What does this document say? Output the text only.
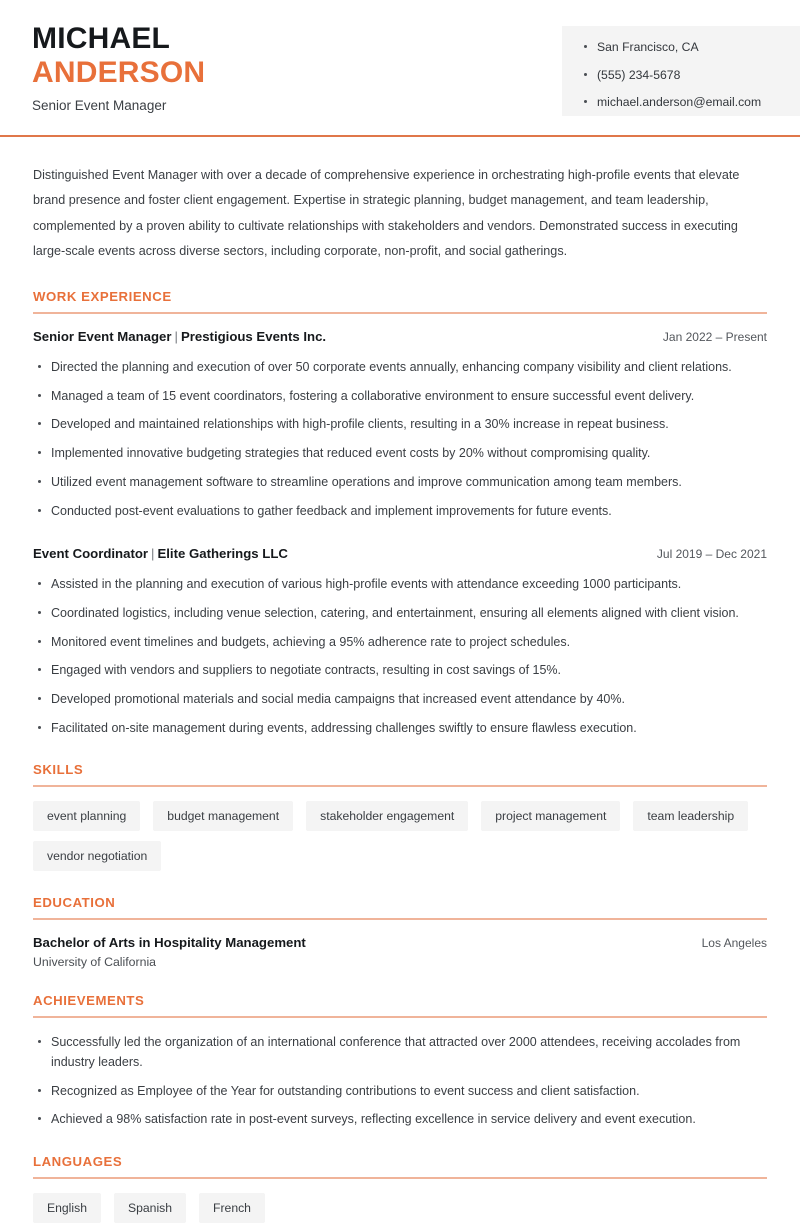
MICHAEL
ANDERSON
Senior Event Manager
San Francisco, CA
(555) 234-5678
michael.anderson@email.com
Distinguished Event Manager with over a decade of comprehensive experience in orchestrating high-profile events that elevate brand presence and foster client engagement. Expertise in strategic planning, budget management, and team leadership, complemented by a proven ability to cultivate relationships with stakeholders and vendors. Demonstrated success in executing large-scale events across diverse sectors, including corporate, non-profit, and social gatherings.
WORK EXPERIENCE
Senior Event Manager | Prestigious Events Inc.	Jan 2022 – Present
Directed the planning and execution of over 50 corporate events annually, enhancing company visibility and client relations.
Managed a team of 15 event coordinators, fostering a collaborative environment to ensure successful event delivery.
Developed and maintained relationships with high-profile clients, resulting in a 30% increase in repeat business.
Implemented innovative budgeting strategies that reduced event costs by 20% without compromising quality.
Utilized event management software to streamline operations and improve communication among team members.
Conducted post-event evaluations to gather feedback and implement improvements for future events.
Event Coordinator | Elite Gatherings LLC	Jul 2019 – Dec 2021
Assisted in the planning and execution of various high-profile events with attendance exceeding 1000 participants.
Coordinated logistics, including venue selection, catering, and entertainment, ensuring all elements aligned with client vision.
Monitored event timelines and budgets, achieving a 95% adherence rate to project schedules.
Engaged with vendors and suppliers to negotiate contracts, resulting in cost savings of 15%.
Developed promotional materials and social media campaigns that increased event attendance by 40%.
Facilitated on-site management during events, addressing challenges swiftly to ensure flawless execution.
SKILLS
event planning	budget management	stakeholder engagement	project management	team leadership
vendor negotiation
EDUCATION
Bachelor of Arts in Hospitality Management	Los Angeles
University of California
ACHIEVEMENTS
Successfully led the organization of an international conference that attracted over 2000 attendees, receiving accolades from industry leaders.
Recognized as Employee of the Year for outstanding contributions to event success and client satisfaction.
Achieved a 98% satisfaction rate in post-event surveys, reflecting excellence in service delivery and event execution.
LANGUAGES
English	Spanish	French
